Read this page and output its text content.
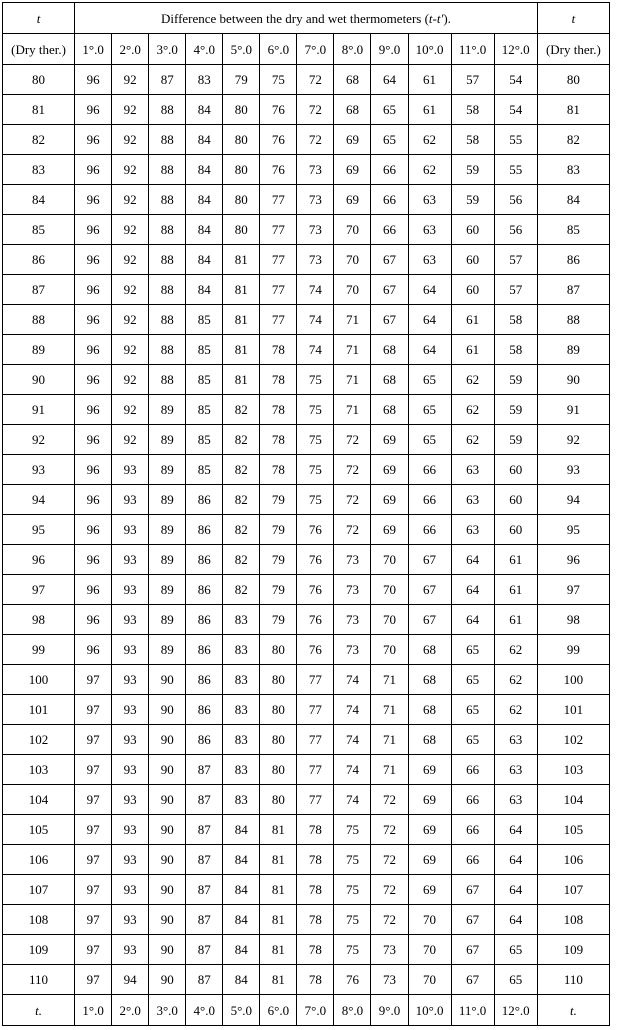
t	Difference between the dry and wet thermometers (t-t′).												t
(Dry ther.)	1°.0	2°.0	3°.0	4°.0	5°.0	6°.0	7°.0	8°.0	9°.0	10°.0	11°.0	12°.0	(Dry ther.)
80	96	92	87	83	79	75	72	68	64	61	57	54	80
81	96	92	88	84	80	76	72	68	65	61	58	54	81
82	96	92	88	84	80	76	72	69	65	62	58	55	82
83	96	92	88	84	80	76	73	69	66	62	59	55	83
84	96	92	88	84	80	77	73	69	66	63	59	56	84
85	96	92	88	84	80	77	73	70	66	63	60	56	85
86	96	92	88	84	81	77	73	70	67	63	60	57	86
87	96	92	88	84	81	77	74	70	67	64	60	57	87
88	96	92	88	85	81	77	74	71	67	64	61	58	88
89	96	92	88	85	81	78	74	71	68	64	61	58	89
90	96	92	88	85	81	78	75	71	68	65	62	59	90
91	96	92	89	85	82	78	75	71	68	65	62	59	91
92	96	92	89	85	82	78	75	72	69	65	62	59	92
93	96	93	89	85	82	78	75	72	69	66	63	60	93
94	96	93	89	86	82	79	75	72	69	66	63	60	94
95	96	93	89	86	82	79	76	72	69	66	63	60	95
96	96	93	89	86	82	79	76	73	70	67	64	61	96
97	96	93	89	86	82	79	76	73	70	67	64	61	97
98	96	93	89	86	83	79	76	73	70	67	64	61	98
99	96	93	89	86	83	80	76	73	70	68	65	62	99
100	97	93	90	86	83	80	77	74	71	68	65	62	100
101	97	93	90	86	83	80	77	74	71	68	65	62	101
102	97	93	90	86	83	80	77	74	71	68	65	63	102
103	97	93	90	87	83	80	77	74	71	69	66	63	103
104	97	93	90	87	83	80	77	74	72	69	66	63	104
105	97	93	90	87	84	81	78	75	72	69	66	64	105
106	97	93	90	87	84	81	78	75	72	69	66	64	106
107	97	93	90	87	84	81	78	75	72	69	67	64	107
108	97	93	90	87	84	81	78	75	72	70	67	64	108
109	97	93	90	87	84	81	78	75	73	70	67	65	109
110	97	94	90	87	84	81	78	76	73	70	67	65	110
t.	1°.0	2°.0	3°.0	4°.0	5°.0	6°.0	7°.0	8°.0	9°.0	10°.0	11°.0	12°.0	t.
